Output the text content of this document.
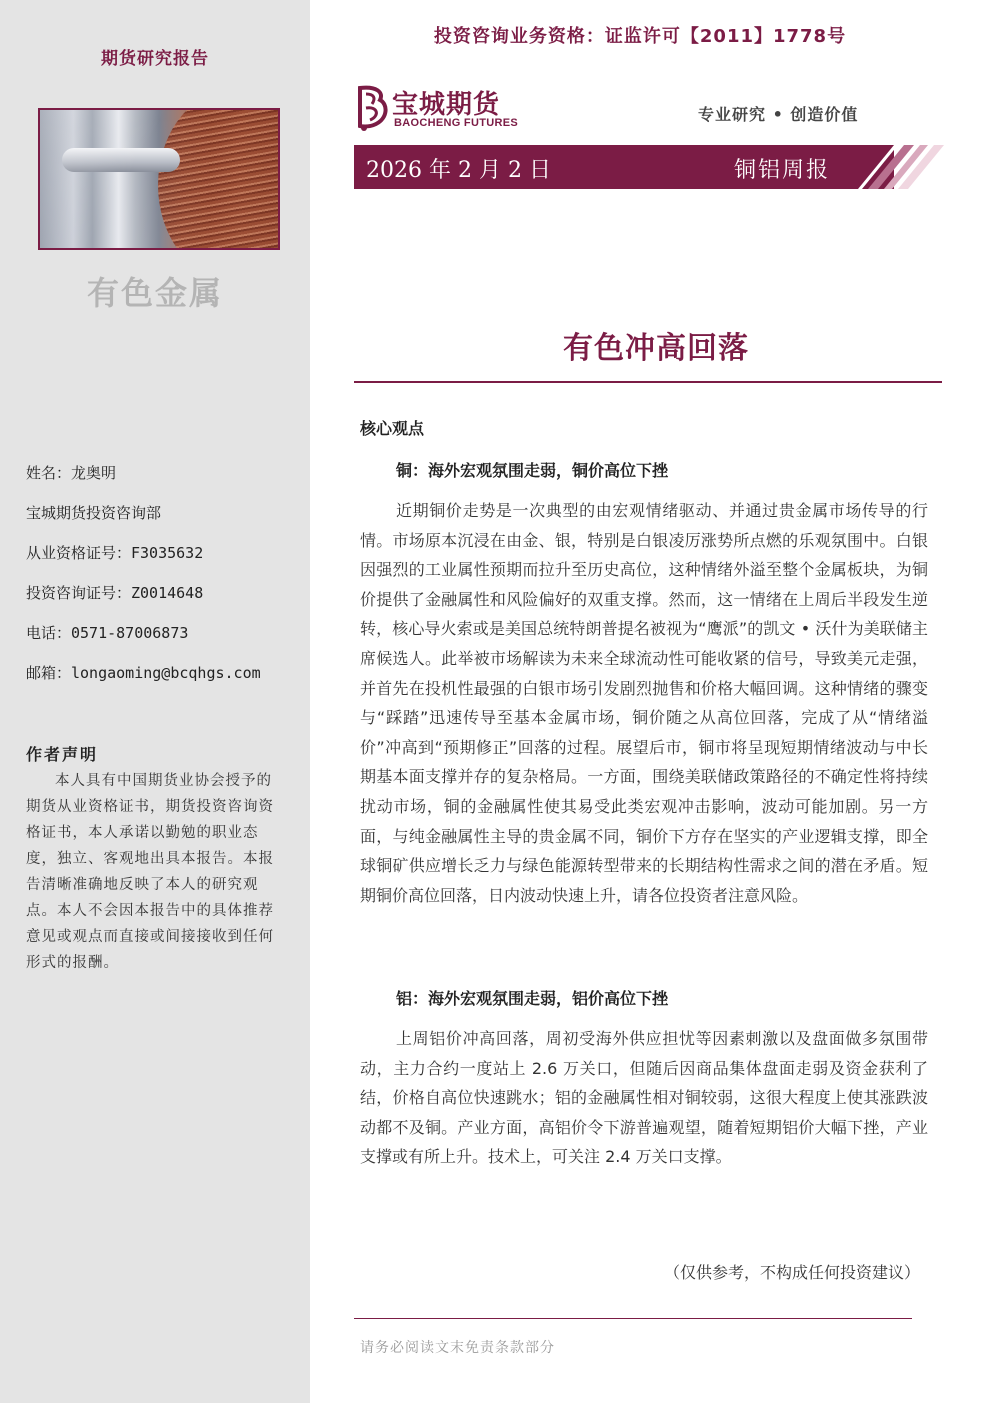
期货研究报告
有色金属
姓名：龙奥明
宝城期货投资咨询部
从业资格证号：F3035632
投资咨询证号：Z0014648
电话：0571-87006873
邮箱：longaoming@bcqhgs.com
作者声明
本人具有中国期货业协会授予的期货从业资格证书，期货投资咨询资格证书，本人承诺以勤勉的职业态度，独立、客观地出具本报告。本报告清晰准确地反映了本人的研究观点。本人不会因本报告中的具体推荐意见或观点而直接或间接接收到任何形式的报酬。
投资咨询业务资格：证监许可【2011】1778号
宝城期货
BAOCHENG FUTURES	专业研究 • 创造价值
2026 年 2 月 2 日	铜铝周报
有色冲高回落
核心观点
铜：海外宏观氛围走弱，铜价高位下挫
近期铜价走势是一次典型的由宏观情绪驱动、并通过贵金属市场传导的行情。市场原本沉浸在由金、银，特别是白银凌厉涨势所点燃的乐观氛围中。白银因强烈的工业属性预期而拉升至历史高位，这种情绪外溢至整个金属板块，为铜价提供了金融属性和风险偏好的双重支撑。然而，这一情绪在上周后半段发生逆转，核心导火索或是美国总统特朗普提名被视为“鹰派”的凯文 • 沃什为美联储主席候选人。此举被市场解读为未来全球流动性可能收紧的信号，导致美元走强，并首先在投机性最强的白银市场引发剧烈抛售和价格大幅回调。这种情绪的骤变与“踩踏”迅速传导至基本金属市场，铜价随之从高位回落，完成了从“情绪溢价”冲高到“预期修正”回落的过程。展望后市，铜市将呈现短期情绪波动与中长期基本面支撑并存的复杂格局。一方面，围绕美联储政策路径的不确定性将持续扰动市场，铜的金融属性使其易受此类宏观冲击影响，波动可能加剧。另一方面，与纯金融属性主导的贵金属不同，铜价下方存在坚实的产业逻辑支撑，即全球铜矿供应增长乏力与绿色能源转型带来的长期结构性需求之间的潜在矛盾。短期铜价高位回落，日内波动快速上升，请各位投资者注意风险。
铝：海外宏观氛围走弱，铝价高位下挫
上周铝价冲高回落，周初受海外供应担忧等因素刺激以及盘面做多氛围带动，主力合约一度站上 2.6 万关口，但随后因商品集体盘面走弱及资金获利了结，价格自高位快速跳水；铝的金融属性相对铜较弱，这很大程度上使其涨跌波动都不及铜。产业方面，高铝价令下游普遍观望，随着短期铝价大幅下挫，产业支撑或有所上升。技术上，可关注 2.4 万关口支撑。
（仅供参考，不构成任何投资建议）
请务必阅读文末免责条款部分
